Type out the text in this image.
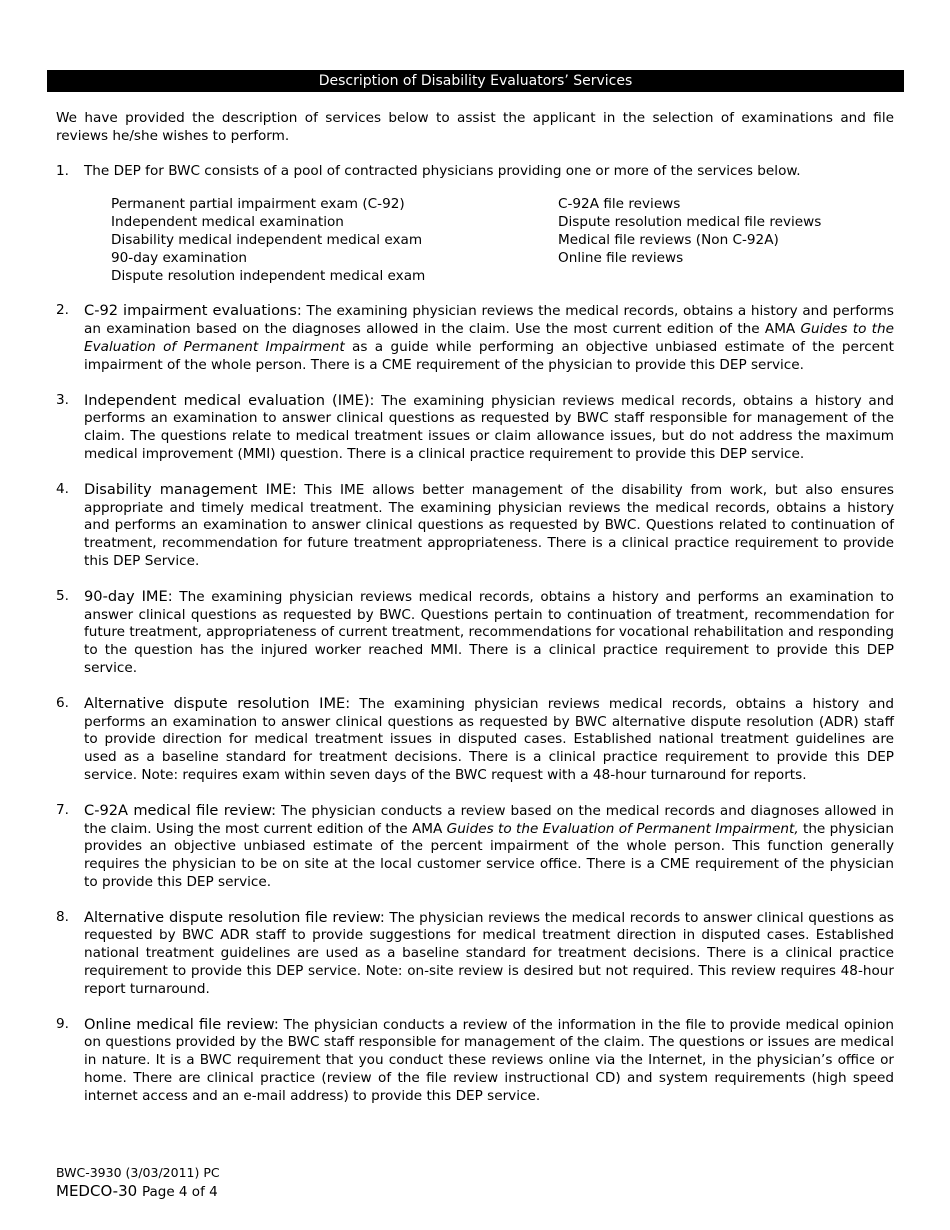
Description of Disability Evaluators’ Services

We have provided the description of services below to assist the applicant in the selection of examinations and file reviews he/she wishes to perform.

1.	The DEP for BWC consists of a pool of contracted physicians providing one or more of the services below.
Permanent partial impairment exam (C-92)
Independent medical examination
Disability medical independent medical exam
90-day examination
Dispute resolution independent medical exam
C-92A file reviews
Dispute resolution medical file reviews
Medical file reviews (Non C-92A)
Online file reviews
2.	C-92 impairment evaluations: The examining physician reviews the medical records, obtains a history and performs an examination based on the diagnoses allowed in the claim. Use the most current edition of the AMA Guides to the Evaluation of Permanent Impairment as a guide while performing an objective unbiased estimate of the percent impairment of the whole person. There is a CME requirement of the physician to provide this DEP service.
3.	Independent medical evaluation (IME): The examining physician reviews medical records, obtains a history and performs an examination to answer clinical questions as requested by BWC staff responsible for management of the claim. The questions relate to medical treatment issues or claim allowance issues, but do not address the maximum medical improvement (MMI) question. There is a clinical practice requirement to provide this DEP service.
4.	Disability management IME: This IME allows better management of the disability from work, but also ensures appropriate and timely medical treatment. The examining physician reviews the medical records, obtains a history and performs an examination to answer clinical questions as requested by BWC. Questions related to continuation of treatment, recommendation for future treatment appropriateness. There is a clinical practice requirement to provide this DEP Service.
5.	90-day IME: The examining physician reviews medical records, obtains a history and performs an examination to answer clinical questions as requested by BWC. Questions pertain to continuation of treatment, recommendation for future treatment, appropriateness of current treatment, recommendations for vocational rehabilitation and responding to the question has the injured worker reached MMI. There is a clinical practice requirement to provide this DEP service.
6.	Alternative dispute resolution IME: The examining physician reviews medical records, obtains a history and performs an examination to answer clinical questions as requested by BWC alternative dispute resolution (ADR) staff to provide direction for medical treatment issues in disputed cases. Established national treatment guidelines are used as a baseline standard for treatment decisions. There is a clinical practice requirement to provide this DEP service. Note: requires exam within seven days of the BWC request with a 48-hour turnaround for reports.
7.	C-92A medical file review: The physician conducts a review based on the medical records and diagnoses allowed in the claim. Using the most current edition of the AMA Guides to the Evaluation of Permanent Impairment, the physician provides an objective unbiased estimate of the percent impairment of the whole person. This function generally requires the physician to be on site at the local customer service office. There is a CME requirement of the physician to provide this DEP service.
8.	Alternative dispute resolution file review: The physician reviews the medical records to answer clinical questions as requested by BWC ADR staff to provide suggestions for medical treatment direction in disputed cases. Established national treatment guidelines are used as a baseline standard for treatment decisions. There is a clinical practice requirement to provide this DEP service. Note: on-site review is desired but not required. This review requires 48-hour report turnaround.
9.	Online medical file review: The physician conducts a review of the information in the file to provide medical opinion on questions provided by the BWC staff responsible for management of the claim. The questions or issues are medical in nature. It is a BWC requirement that you conduct these reviews online via the Internet, in the physician’s office or home. There are clinical practice (review of the file review instructional CD) and system requirements (high speed internet access and an e-mail address) to provide this DEP service.
BWC-3930 (3/03/2011) PC
MEDCO-30 Page 4 of 4
